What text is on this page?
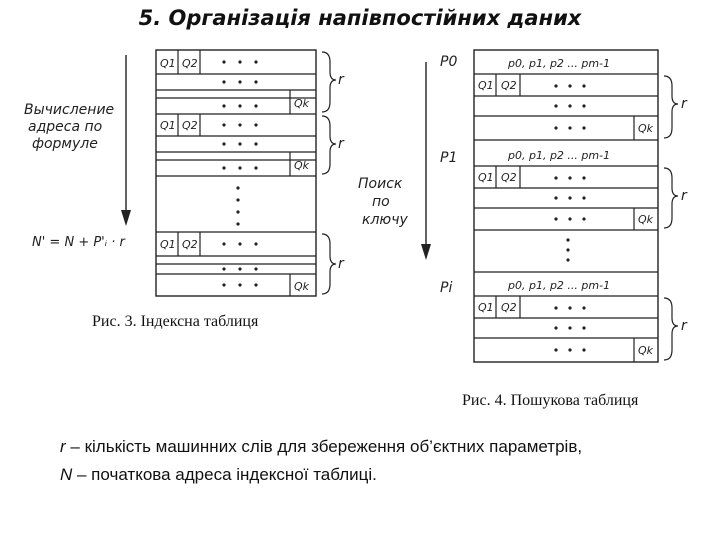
5. Організація напівпостійних даних
Q1 Q2
Qk
Q1 Q2
Qk
Q1 Q2
Qk
r
r
r
Вычисление
адреса по
формуле
N' = N + P'ᵢ · r
p0, p1, p2 ... pm-1
Q1 Q2
Qk
p0, p1, p2 ... pm-1
Q1 Q2
Qk
p0, p1, p2 ... pm-1
Q1 Q2
Qk
P0
P1
Pi
Поиск
по
ключу
r
r
r
Рис. 3. Індексна таблиця
Рис. 4. Пошукова таблиця
r – кількість машинних слів для збереження об’єктних параметрів,
N – початкова адреса індексної таблиці.
